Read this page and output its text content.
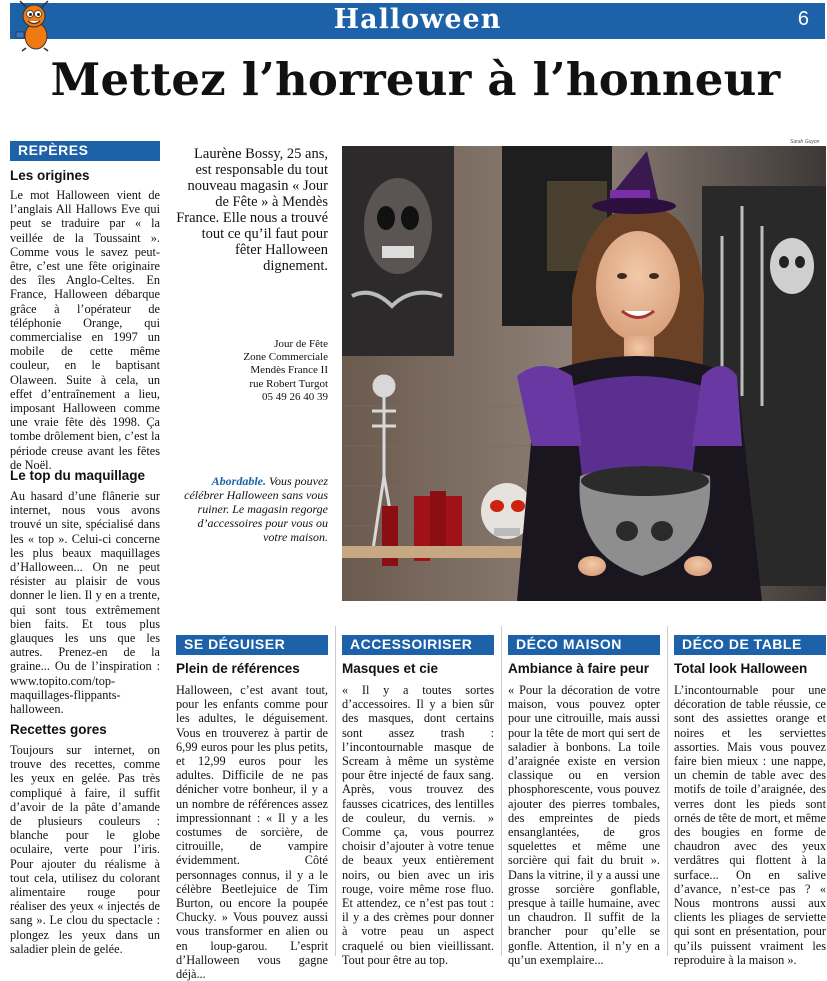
Halloween	6
Mettez l’horreur à l’honneur
REPÈRES
Les origines
Le mot Halloween vient de l’anglais All Hallows Eve qui peut se traduire par « la veillée de la Toussaint ». Comme vous le savez peut-être, c’est une fête originaire des îles Anglo-Celtes. En France, Halloween débarque grâce à l’opérateur de téléphonie Orange, qui commercialise en 1997 un mobile de cette même couleur, en le baptisant Olaween. Suite à cela, un effet d’entraînement a lieu, imposant Halloween comme une vraie fête dès 1998. Ça tombe drôlement bien, c’est la période creuse avant les fêtes de Noël.
Le top du maquillage
Au hasard d’une flânerie sur internet, nous vous avons trouvé un site, spécialisé dans les « top ». Celui-ci concerne les plus beaux maquillages d’Halloween... On ne peut résister au plaisir de vous donner le lien. Il y en a trente, qui sont tous extrêmement bien faits. Et tous plus glauques les uns que les autres. Prenez-en de la graine... Ou de l’inspiration : www.topito.com/top-maquillages-flippants-halloween.
Recettes gores
Toujours sur internet, on trouve des recettes, comme les yeux en gelée. Pas très compliqué à faire, il suffit d’avoir de la pâte d’amande de plusieurs couleurs : blanche pour le globe oculaire, verte pour l’iris. Pour ajouter du réalisme à tout cela, utilisez du colorant alimentaire rouge pour réaliser des yeux « injectés de sang ». Le clou du spectacle : plongez les yeux dans un saladier plein de gelée.
Laurène Bossy, 25 ans, est responsable du tout nouveau magasin « Jour de Fête » à Mendès France. Elle nous a trouvé tout ce qu’il faut pour fêter Halloween dignement.
Jour de Fête
Zone Commerciale
Mendès France II
rue Robert Turgot
05 49 26 40 39
Abordable. Vous pouvez célébrer Halloween sans vous ruiner. Le magasin regorge d’accessoires pour vous ou votre maison.
Sarah Guyon
SE DÉGUISER
Plein de références
Halloween, c’est avant tout, pour les enfants comme pour les adultes, le déguisement. Vous en trouverez à partir de 6,99 euros pour les plus petits, et 12,99 euros pour les adultes. Difficile de ne pas dénicher votre bonheur, il y a un nombre de références assez impressionnant : « Il y a les costumes de sorcière, de citrouille, de vampire évidemment. Côté personnages connus, il y a le célèbre Beetlejuice de Tim Burton, ou encore la poupée Chucky. » Vous pouvez aussi vous transformer en alien ou en loup-garou. L’esprit d’Halloween vous gagne déjà...
ACCESSOIRISER
Masques et cie
« Il y a toutes sortes d’accessoires. Il y a bien sûr des masques, dont certains sont assez trash : l’incontournable masque de Scream à même un système pour être injecté de faux sang. Après, vous trouvez des fausses cicatrices, des lentilles de couleur, du vernis. » Comme ça, vous pourrez choisir d’ajouter à votre tenue de beaux yeux entièrement noirs, ou bien avec un iris rouge, voire même rose fluo. Et attendez, ce n’est pas tout : il y a des crèmes pour donner à votre peau un aspect craquelé ou bien vieillissant. Tout pour être au top.
DÉCO MAISON
Ambiance à faire peur
« Pour la décoration de votre maison, vous pouvez opter pour une citrouille, mais aussi pour la tête de mort qui sert de saladier à bonbons. La toile d’araignée existe en version classique ou en version phosphorescente, vous pouvez ajouter des pierres tombales, des empreintes de pieds ensanglantées, de gros squelettes et même une sorcière qui fait du bruit ». Dans la vitrine, il y a aussi une grosse sorcière gonflable, presque à taille humaine, avec un chaudron. Il suffit de la brancher pour qu’elle se gonfle. Attention, il n’y en a qu’un exemplaire...
DÉCO DE TABLE
Total look Halloween
L’incontournable pour une décoration de table réussie, ce sont des assiettes orange et noires et les serviettes assorties. Mais vous pouvez faire bien mieux : une nappe, un chemin de table avec des motifs de toile d’araignée, des verres dont les pieds sont ornés de tête de mort, et même des bougies en forme de chaudron avec des yeux verdâtres qui flottent à la surface... On en salive d’avance, n’est-ce pas ? « Nous montrons aussi aux clients les pliages de serviette qui sont en présentation, pour qu’ils puissent vraiment les reproduire à la maison ».
